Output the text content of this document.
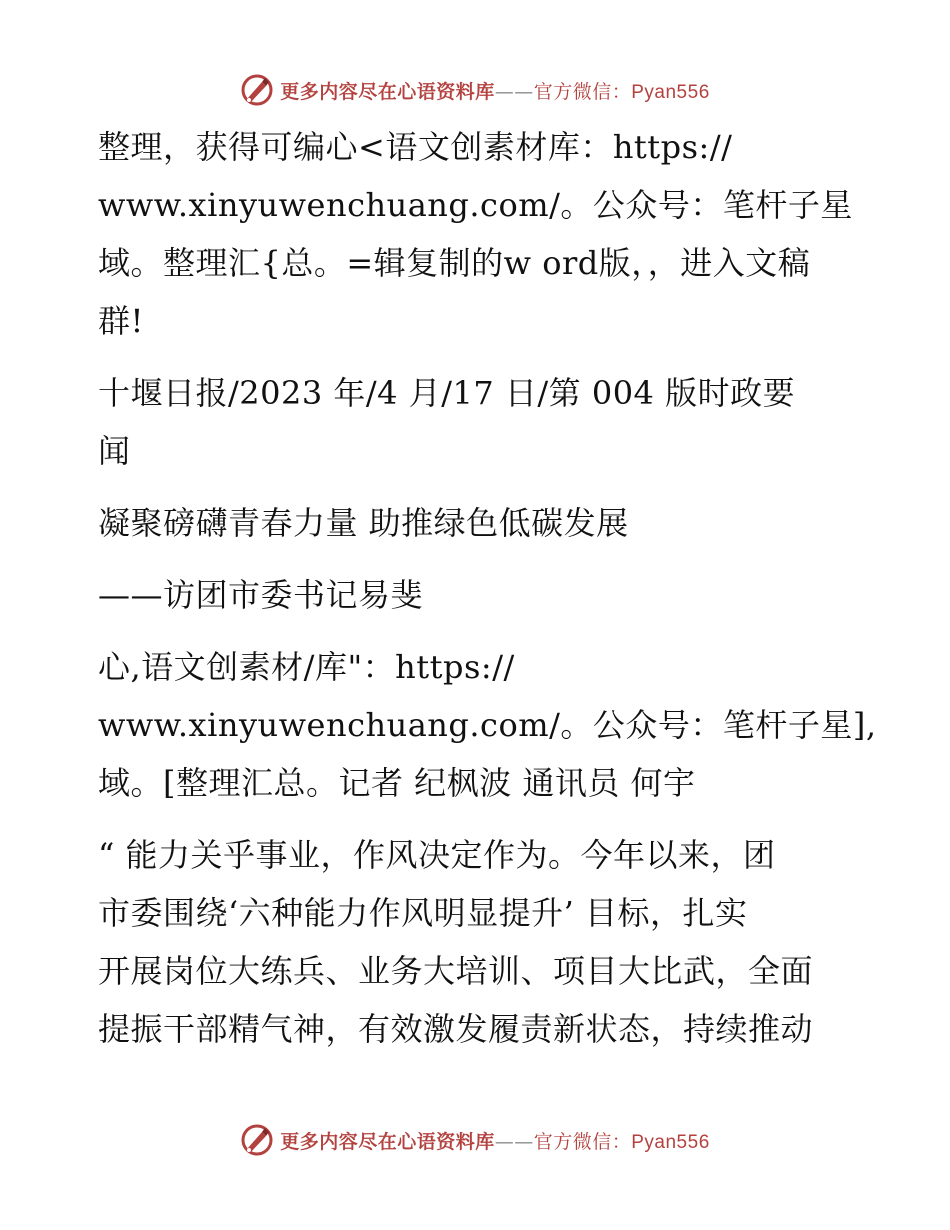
更多内容尽在心语资料库——官方微信：Pyan556
整理，获得可编心<语文创素材库：https://
www.xinyuwenchuang.com/。公众号：笔杆子星
域。整理汇{总。=辑复制的w ord版，，进入文稿
群!
十堰日报/2023 年/4 月/17 日/第 004 版时政要
闻
凝聚磅礴青春力量 助推绿色低碳发展
——访团市委书记易斐
心,语文创素材/库"：https://
www.xinyuwenchuang.com/。公众号：笔杆子星],
域。[整理汇总。记者 纪枫波 通讯员 何宇
“ 能力关乎事业，作风决定作为。今年以来，团
市委围绕‘六种能力作风明显提升’ 目标，扎实
开展岗位大练兵、业务大培训、项目大比武，全面
提振干部精气神，有效激发履责新状态，持续推动
更多内容尽在心语资料库——官方微信：Pyan556
